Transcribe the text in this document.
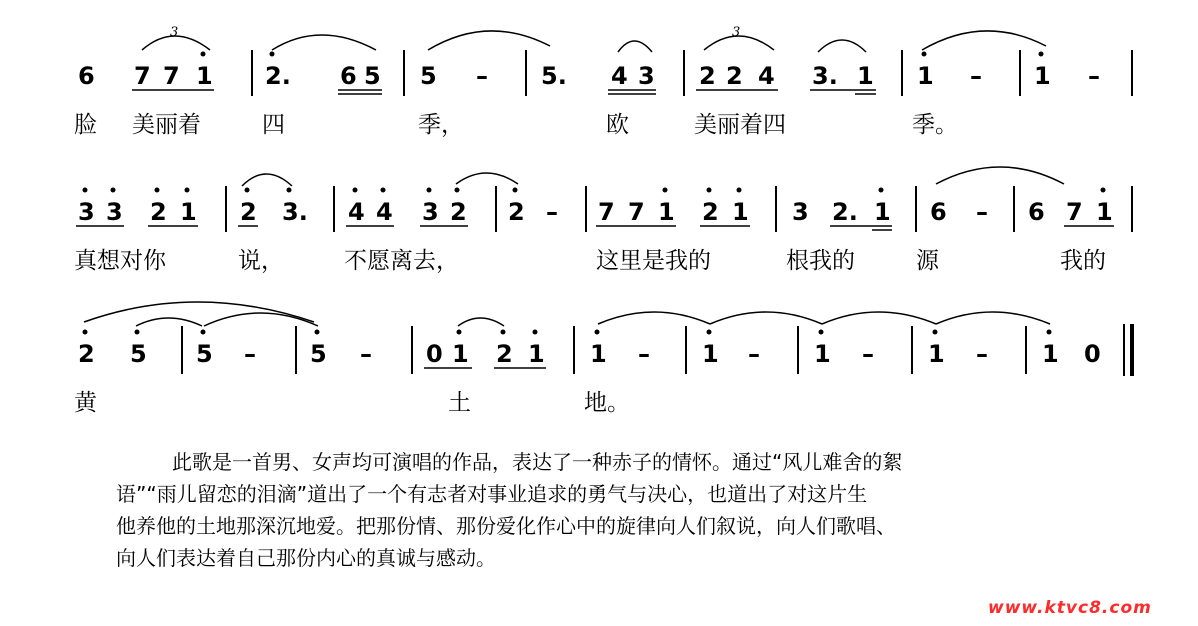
6 7 7 1 2. 6 5 5 – 5. 4 3 2 2 4 3. 1 1 – 1 –
3	3
脸 美丽着	四	季，	欧	美丽着四	季。
3 3 2 1 2 3. 4 4 3 2 2 – 7 7 1 2 1 3 2. 1 6 – 6 7 1
真想对你	说，	不愿离去，	这里是我的	根我的	源	我的
2 5 5 – 5 – 0 1 2 1 1 – 1 – 1 – 1 – 1 0
黄	土	地。

此歌是一首男、女声均可演唱的作品，表达了一种赤子的情怀。通过“风儿难舍的絮

语”“雨儿留恋的泪滴”道出了一个有志者对事业追求的勇气与决心，也道出了对这片生

他养他的土地那深沉地爱。把那份情、那份爱化作心中的旋律向人们叙说，向人们歌唱、

向人们表达着自己那份内心的真诚与感动。

www.ktvc8.com
